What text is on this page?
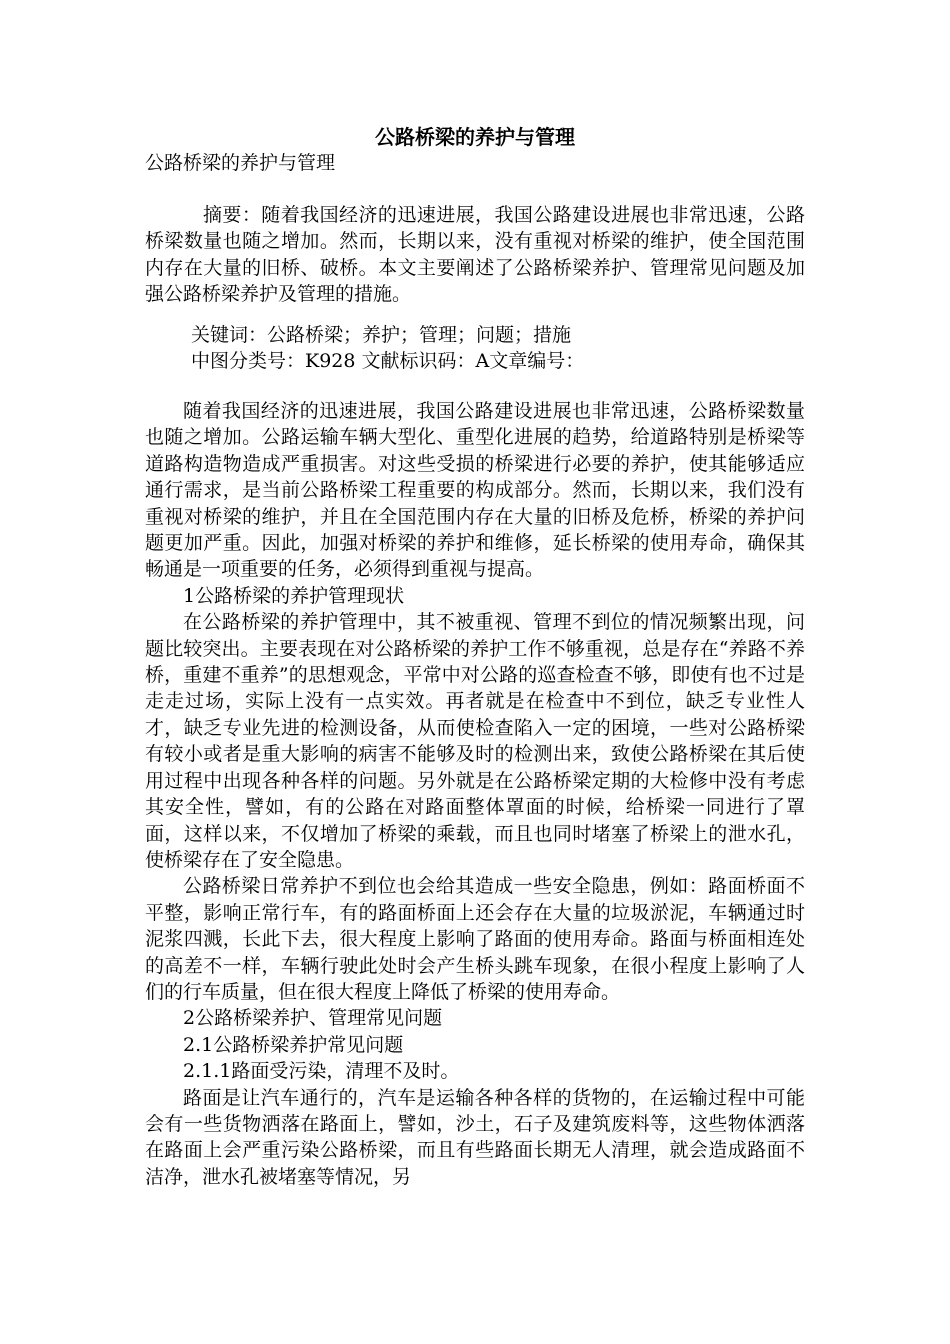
公路桥梁的养护与管理

公路桥梁的养护与管理

摘要：随着我国经济的迅速进展，我国公路建设进展也非常迅速，公路桥梁数量也随之增加。然而，长期以来，没有重视对桥梁的维护，使全国范围内存在大量的旧桥、破桥。本文主要阐述了公路桥梁养护、管理常见问题及加强公路桥梁养护及管理的措施。

关键词：公路桥梁；养护；管理；问题；措施

中图分类号：K928 文献标识码：A文章编号：

随着我国经济的迅速进展，我国公路建设进展也非常迅速，公路桥梁数量也随之增加。公路运输车辆大型化、重型化进展的趋势，给道路特别是桥梁等道路构造物造成严重损害。对这些受损的桥梁进行必要的养护，使其能够适应通行需求，是当前公路桥梁工程重要的构成部分。然而，长期以来，我们没有重视对桥梁的维护，并且在全国范围内存在大量的旧桥及危桥，桥梁的养护问题更加严重。因此，加强对桥梁的养护和维修，延长桥梁的使用寿命，确保其畅通是一项重要的任务，必须得到重视与提高。

1公路桥梁的养护管理现状

在公路桥梁的养护管理中，其不被重视、管理不到位的情况频繁出现，问题比较突出。主要表现在对公路桥梁的养护工作不够重视，总是存在“养路不养桥，重建不重养”的思想观念，平常中对公路的巡查检查不够，即使有也不过是走走过场，实际上没有一点实效。再者就是在检查中不到位，缺乏专业性人才，缺乏专业先进的检测设备，从而使检查陷入一定的困境，一些对公路桥梁有较小或者是重大影响的病害不能够及时的检测出来，致使公路桥梁在其后使用过程中出现各种各样的问题。另外就是在公路桥梁定期的大检修中没有考虑其安全性，譬如，有的公路在对路面整体罩面的时候，给桥梁一同进行了罩面，这样以来，不仅增加了桥梁的乘载，而且也同时堵塞了桥梁上的泄水孔，使桥梁存在了安全隐患。

公路桥梁日常养护不到位也会给其造成一些安全隐患，例如：路面桥面不平整，影响正常行车，有的路面桥面上还会存在大量的垃圾淤泥，车辆通过时泥浆四溅，长此下去，很大程度上影响了路面的使用寿命。路面与桥面相连处的高差不一样，车辆行驶此处时会产生桥头跳车现象，在很小程度上影响了人们的行车质量，但在很大程度上降低了桥梁的使用寿命。

2公路桥梁养护、管理常见问题

2.1公路桥梁养护常见问题

2.1.1路面受污染，清理不及时。

路面是让汽车通行的，汽车是运输各种各样的货物的，在运输过程中可能会有一些货物洒落在路面上，譬如，沙土，石子及建筑废料等，这些物体洒落在路面上会严重污染公路桥梁，而且有些路面长期无人清理，就会造成路面不洁净，泄水孔被堵塞等情况，另
